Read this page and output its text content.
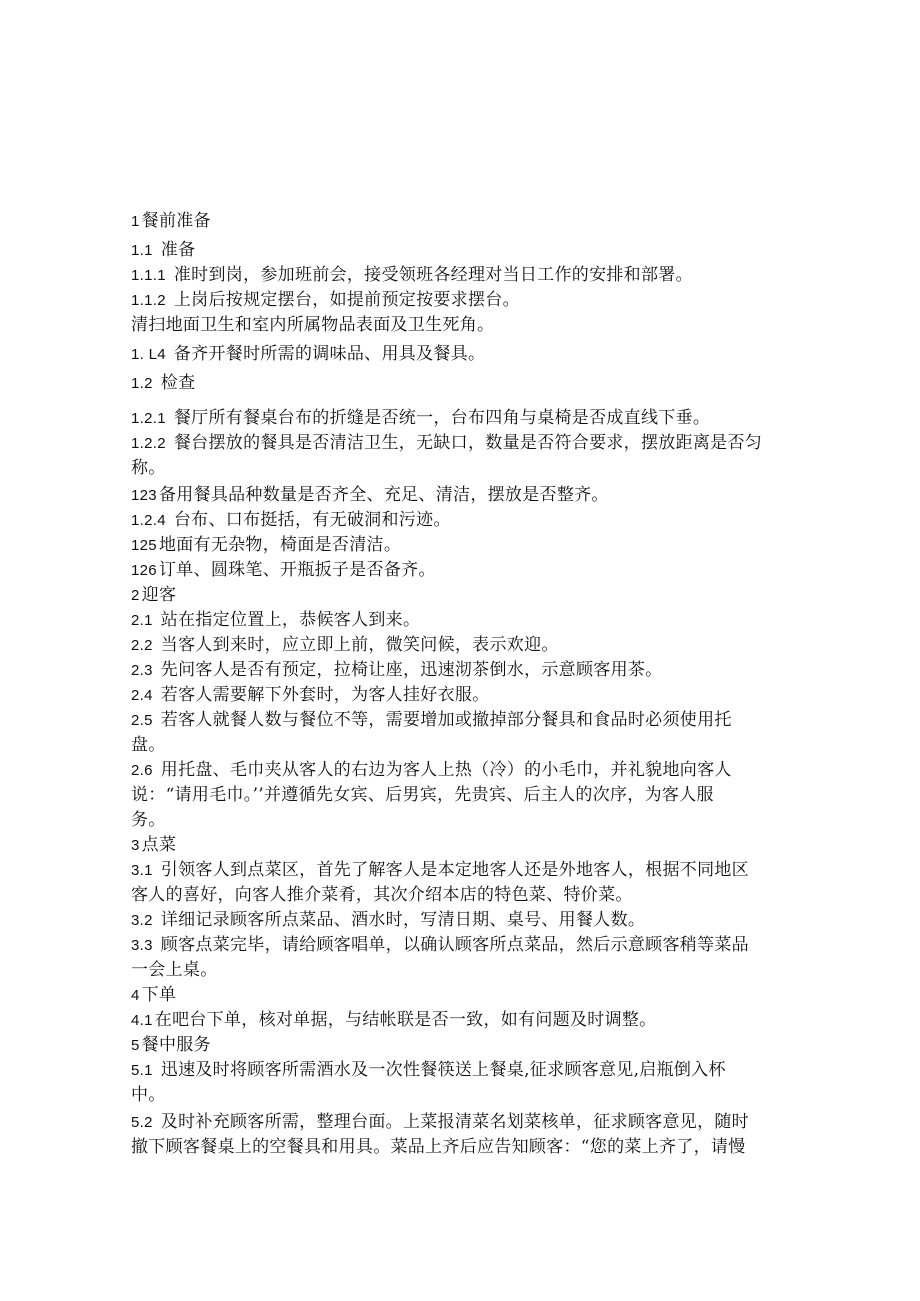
1 餐前准备
1.1 准备
1.1.1 准时到岗，参加班前会，接受领班各经理对当日工作的安排和部署。
1.1.2 上岗后按规定摆台，如提前预定按要求摆台。
清扫地面卫生和室内所属物品表面及卫生死角。
1. L4 备齐开餐时所需的调味品、用具及餐具。
1.2 检查
1.2.1 餐厅所有餐桌台布的折缝是否统一，台布四角与桌椅是否成直线下垂。
1.2.2 餐台摆放的餐具是否清洁卫生，无缺口，数量是否符合要求，摆放距离是否匀
称。
123 备用餐具品种数量是否齐全、充足、清洁，摆放是否整齐。
1.2.4 台布、口布挺括，有无破洞和污迹。
125 地面有无杂物，椅面是否清洁。
126 订单、圆珠笔、开瓶扳子是否备齐。
2 迎客
2.1 站在指定位置上，恭候客人到来。
2.2 当客人到来时，应立即上前，微笑问候，表示欢迎。
2.3 先问客人是否有预定，拉椅让座，迅速沏茶倒水，示意顾客用茶。
2.4 若客人需要解下外套时，为客人挂好衣服。
2.5 若客人就餐人数与餐位不等，需要增加或撤掉部分餐具和食品时必须使用托
盘。
2.6 用托盘、毛巾夹从客人的右边为客人上热（冷）的小毛巾，并礼貌地向客人
说：“请用毛巾。’’并遵循先女宾、后男宾，先贵宾、后主人的次序，为客人服
务。
3 点菜
3.1 引领客人到点菜区，首先了解客人是本定地客人还是外地客人，根据不同地区
客人的喜好，向客人推介菜肴，其次介绍本店的特色菜、特价菜。
3.2 详细记录顾客所点菜品、酒水时，写清日期、桌号、用餐人数。
3.3 顾客点菜完毕，请给顾客唱单，以确认顾客所点菜品，然后示意顾客稍等菜品
一会上桌。
4 下单
4.1 在吧台下单，核对单据，与结帐联是否一致，如有问题及时调整。
5 餐中服务
5.1 迅速及时将顾客所需酒水及一次性餐筷送上餐桌,征求顾客意见,启瓶倒入杯
中。
5.2 及时补充顾客所需，整理台面。上菜报清菜名划菜核单，征求顾客意见，随时
撤下顾客餐桌上的空餐具和用具。菜品上齐后应告知顾客：“您的菜上齐了，请慢
